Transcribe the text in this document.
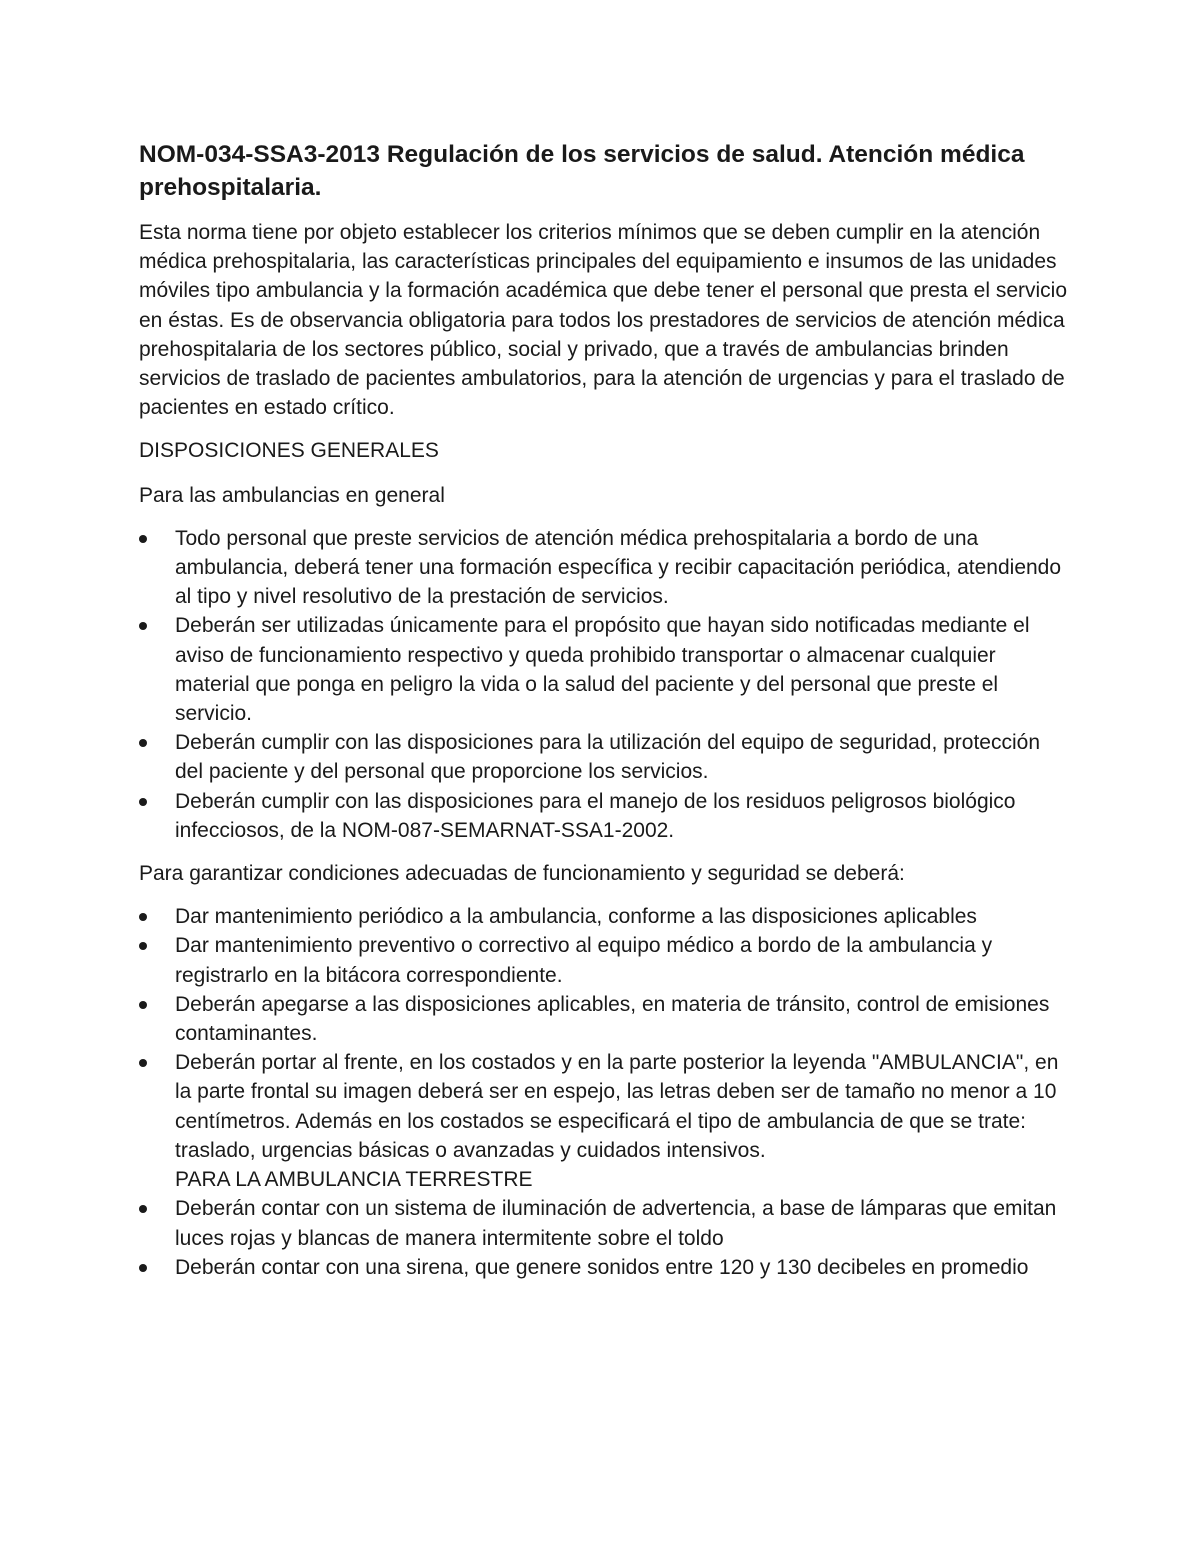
NOM-034-SSA3-2013 Regulación de los servicios de salud. Atención médica prehospitalaria.

Esta norma tiene por objeto establecer los criterios mínimos que se deben cumplir en la atención médica prehospitalaria, las características principales del equipamiento e insumos de las unidades móviles tipo ambulancia y la formación académica que debe tener el personal que presta el servicio en éstas. Es de observancia obligatoria para todos los prestadores de servicios de atención médica prehospitalaria de los sectores público, social y privado, que a través de ambulancias brinden servicios de traslado de pacientes ambulatorios, para la atención de urgencias y para el traslado de pacientes en estado crítico.

DISPOSICIONES GENERALES

Para las ambulancias en general

Todo personal que preste servicios de atención médica prehospitalaria a bordo de una ambulancia, deberá tener una formación específica y recibir capacitación periódica, atendiendo al tipo y nivel resolutivo de la prestación de servicios.
Deberán ser utilizadas únicamente para el propósito que hayan sido notificadas mediante el aviso de funcionamiento respectivo y queda prohibido transportar o almacenar cualquier material que ponga en peligro la vida o la salud del paciente y del personal que preste el servicio.
Deberán cumplir con las disposiciones para la utilización del equipo de seguridad, protección del paciente y del personal que proporcione los servicios.
Deberán cumplir con las disposiciones para el manejo de los residuos peligrosos biológico infecciosos, de la NOM-087-SEMARNAT-SSA1-2002.

Para garantizar condiciones adecuadas de funcionamiento y seguridad se deberá:

Dar mantenimiento periódico a la ambulancia, conforme a las disposiciones aplicables
Dar mantenimiento preventivo o correctivo al equipo médico a bordo de la ambulancia y registrarlo en la bitácora correspondiente.
Deberán apegarse a las disposiciones aplicables, en materia de tránsito, control de emisiones contaminantes.
Deberán portar al frente, en los costados y en la parte posterior la leyenda "AMBULANCIA", en la parte frontal su imagen deberá ser en espejo, las letras deben ser de tamaño no menor a 10 centímetros. Además en los costados se especificará el tipo de ambulancia de que se trate: traslado, urgencias básicas o avanzadas y cuidados intensivos.
PARA LA AMBULANCIA TERRESTRE
Deberán contar con un sistema de iluminación de advertencia, a base de lámparas que emitan luces rojas y blancas de manera intermitente sobre el toldo
Deberán contar con una sirena, que genere sonidos entre 120 y 130 decibeles en promedio
